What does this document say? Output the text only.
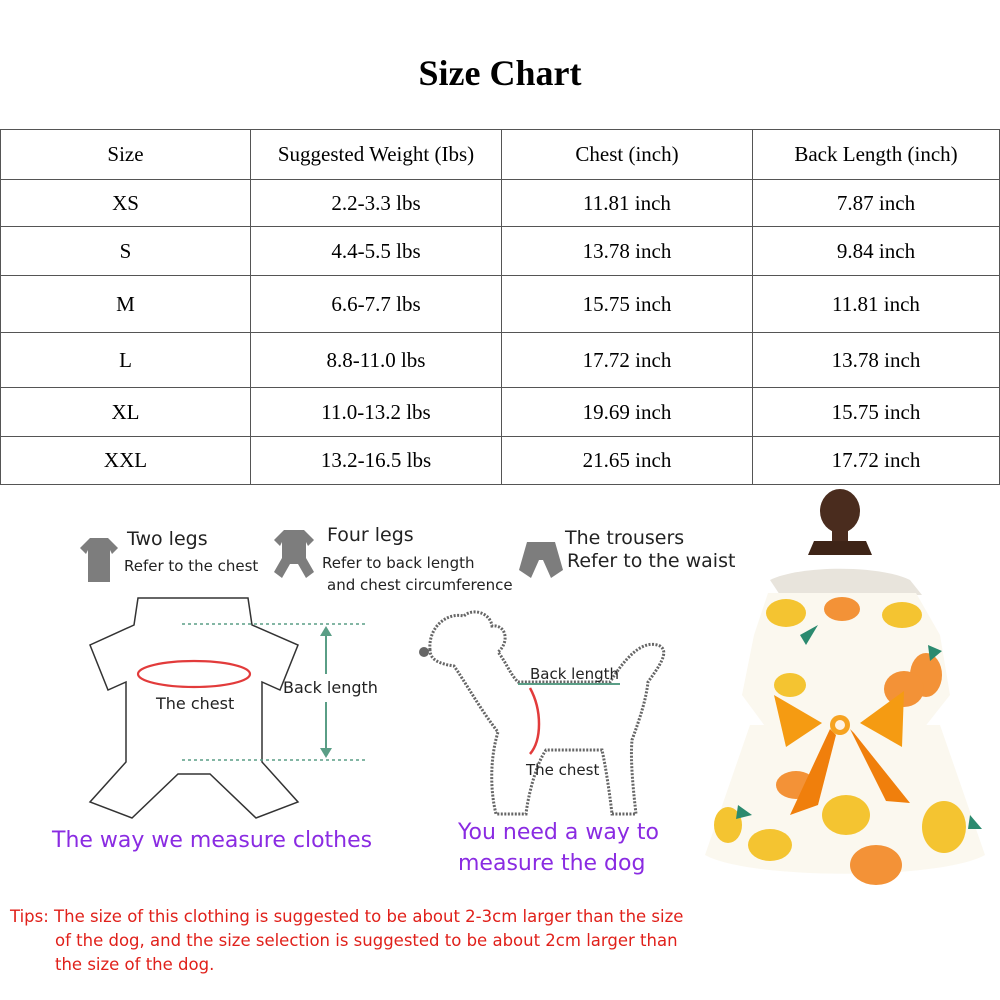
Size Chart
Size	Suggested Weight (Ibs)	Chest (inch)	Back Length (inch)
XS	2.2-3.3 lbs	11.81 inch	7.87 inch
S	4.4-5.5 lbs	13.78 inch	9.84 inch
M	6.6-7.7 lbs	15.75 inch	11.81 inch
L	8.8-11.0 lbs	17.72 inch	13.78 inch
XL	11.0-13.2 lbs	19.69 inch	15.75 inch
XXL	13.2-16.5 lbs	21.65 inch	17.72 inch
Two legs
Refer to the chest
Four legs
Refer to back length
and chest circumference
The trousers
Refer to the waist
The chest
Back length
Back length
The chest
The way we measure clothes	You need a way to
measure the dog
Tips: The size of this clothing is suggested to be about 2-3cm larger than the size
of the dog, and the size selection is suggested to be about 2cm larger than
the size of the dog.
